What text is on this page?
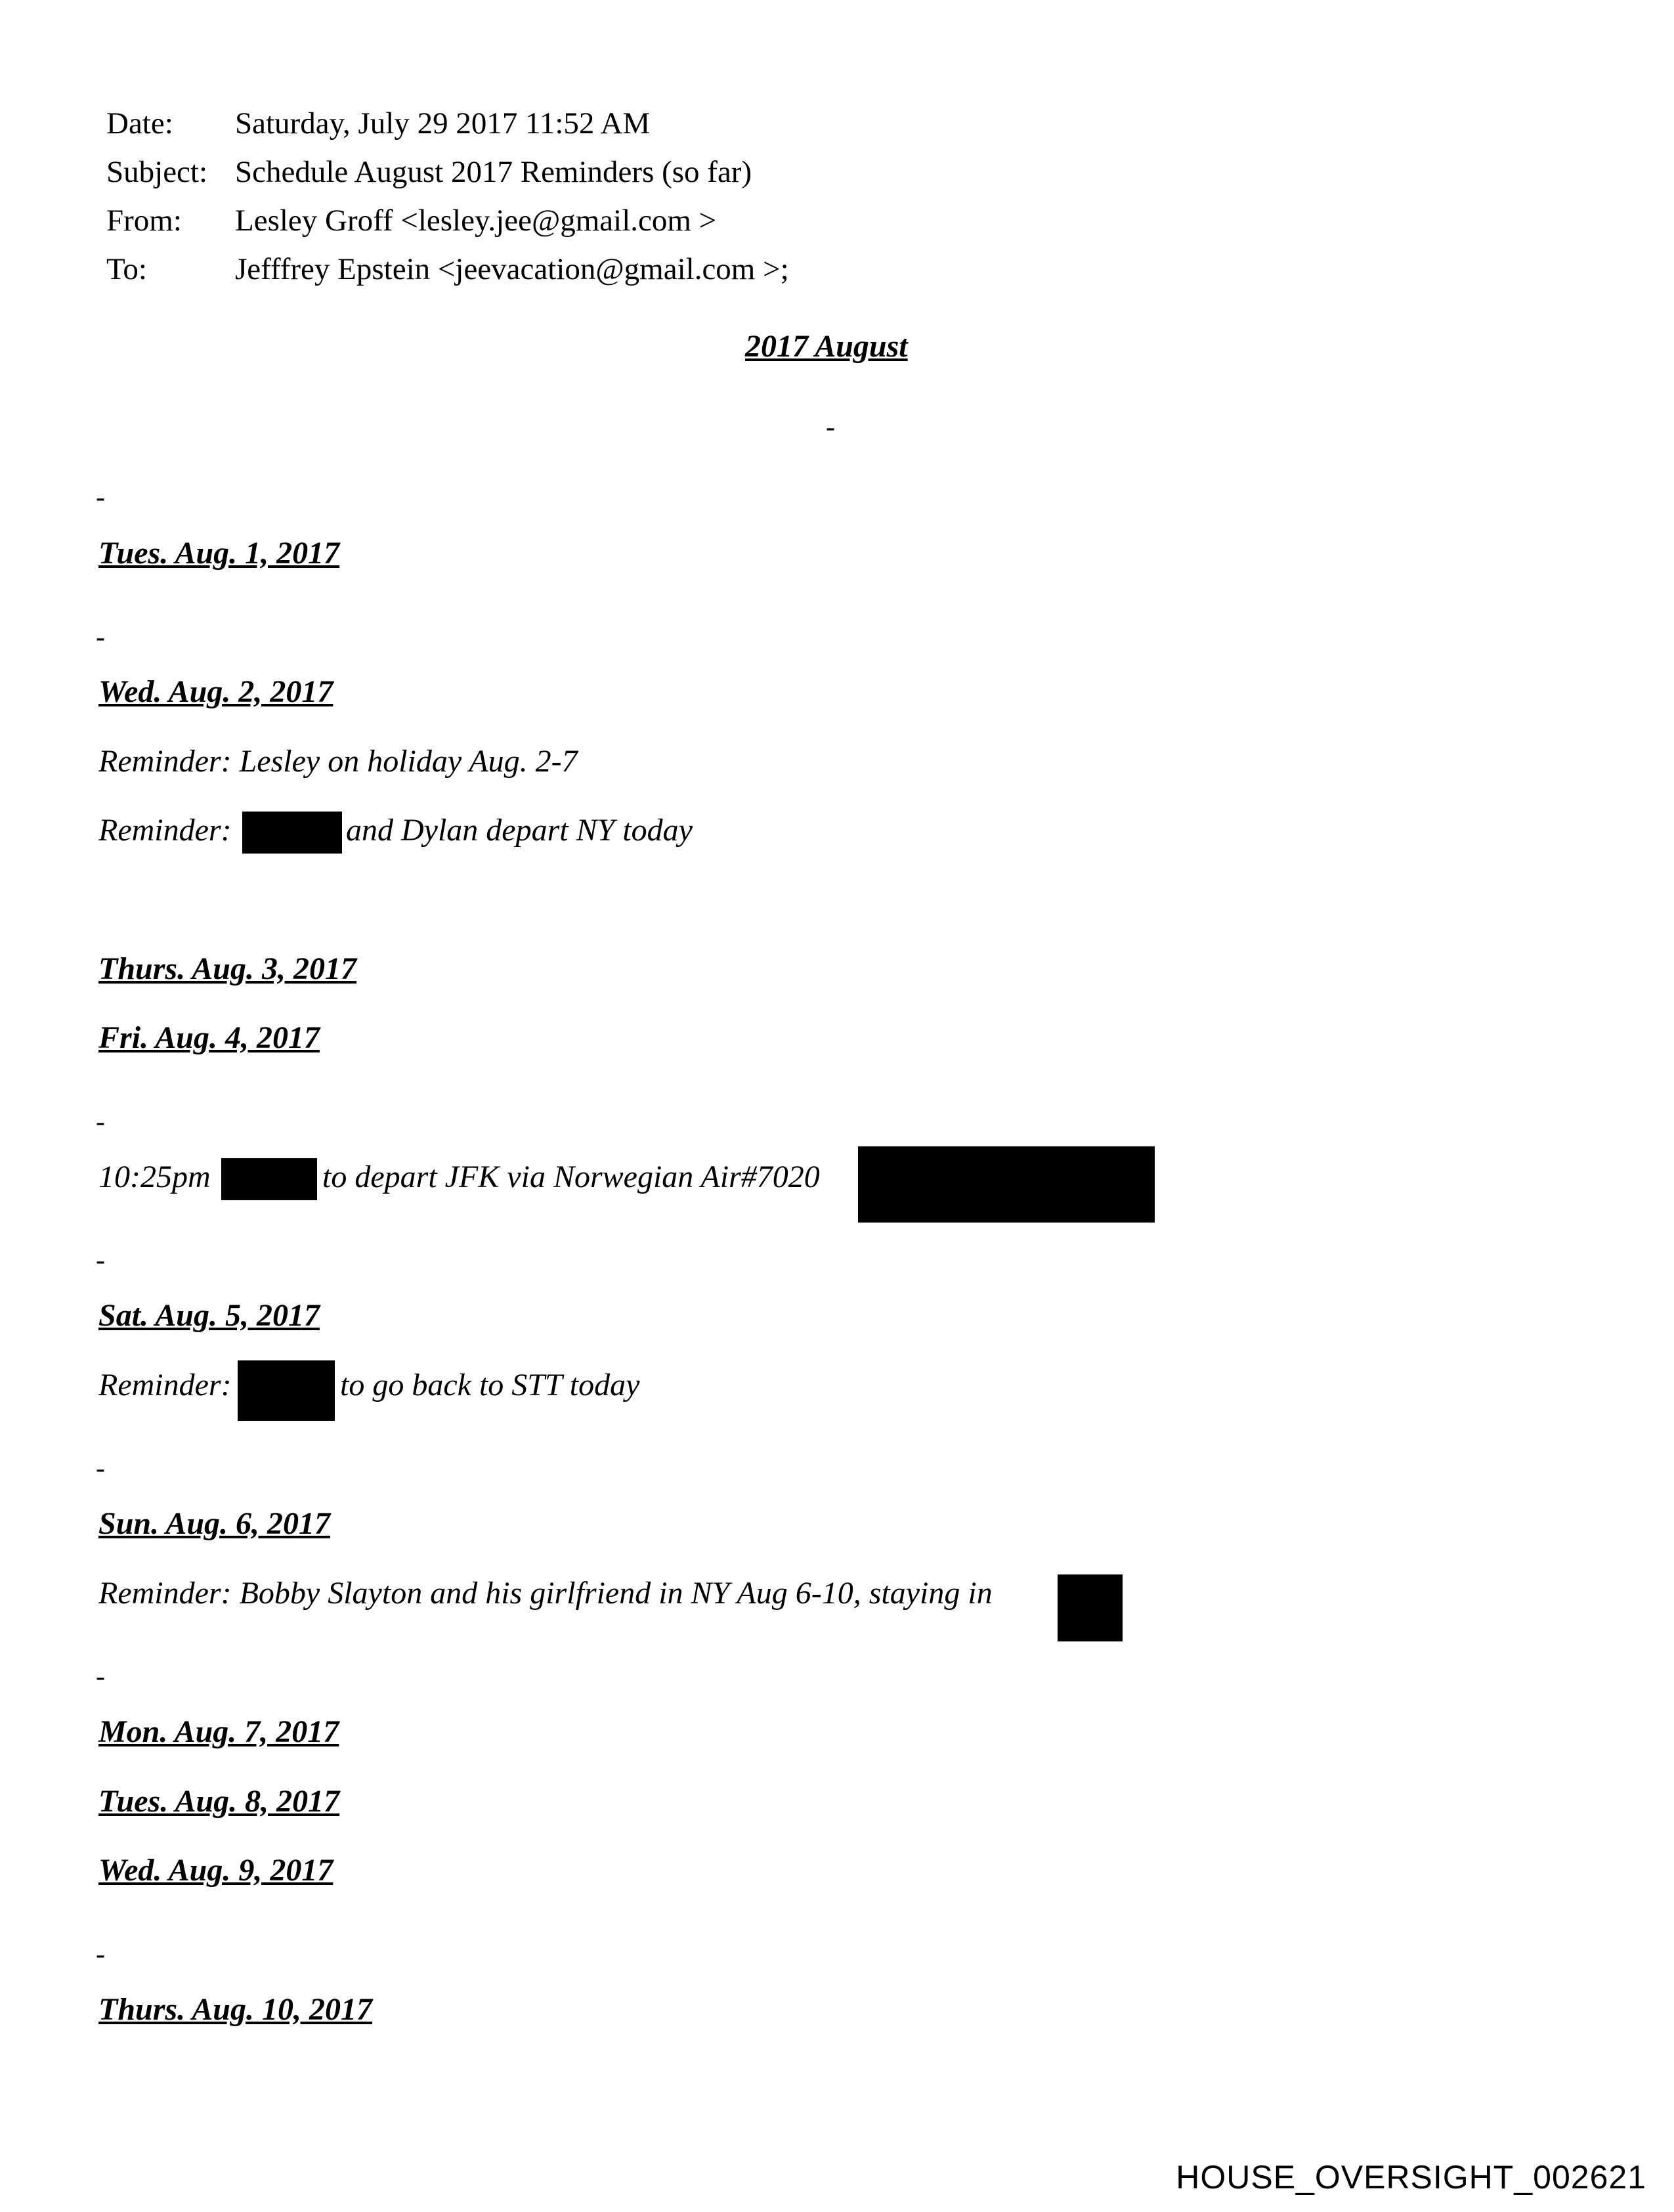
Date: Saturday, July 29 2017 11:52 AM
Subject: Schedule August 2017 Reminders (so far)
From: Lesley Groff <lesley.jee@gmail.com >
To:	Jefffrey Epstein <jeevacation@gmail.com >;
2017 August
-
-
Tues. Aug. 1, 2017
-
Wed. Aug. 2, 2017
Reminder: Lesley on holiday Aug. 2-7
Reminder:	and Dylan depart NY today
Thurs. Aug. 3, 2017
Fri. Aug. 4, 2017
-
10:25pm	to depart JFK via Norwegian Air#7020
-
Sat. Aug. 5, 2017
Reminder:	to go back to STT today
-
Sun. Aug. 6, 2017
Reminder: Bobby Slayton and his girlfriend in NY Aug 6-10, staying in
-
Mon. Aug. 7, 2017
Tues. Aug. 8, 2017
Wed. Aug. 9, 2017
-
Thurs. Aug. 10, 2017
HOUSE_OVERSIGHT_002621
